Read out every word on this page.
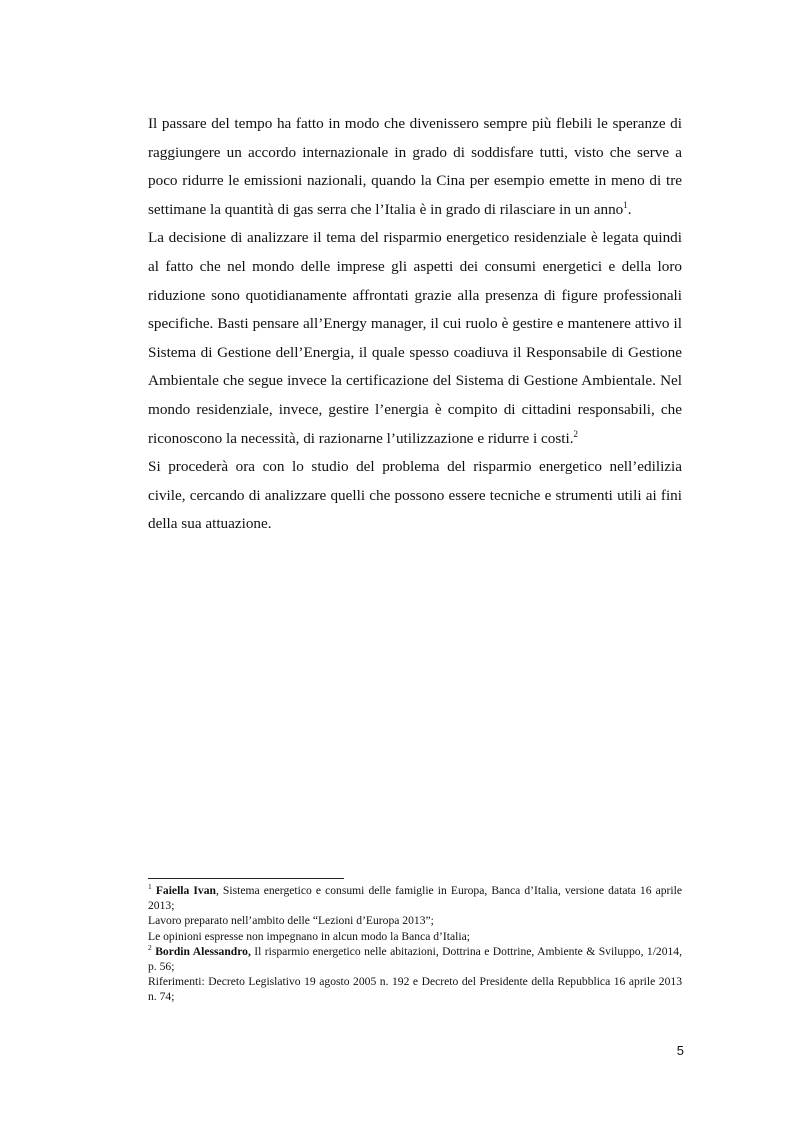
Il passare del tempo ha fatto in modo che divenissero sempre più flebili le speranze di raggiungere un accordo internazionale in grado di soddisfare tutti, visto che serve a poco ridurre le emissioni nazionali, quando la Cina per esempio emette in meno di tre settimane la quantità di gas serra che l’Italia è in grado di rilasciare in un anno$^1$.

La decisione di analizzare il tema del risparmio energetico residenziale è legata quindi al fatto che nel mondo delle imprese gli aspetti dei consumi energetici e della loro riduzione sono quotidianamente affrontati grazie alla presenza di figure professionali specifiche. Basti pensare all’Energy manager, il cui ruolo è gestire e mantenere attivo il Sistema di Gestione dell’Energia, il quale spesso coadiuva il Responsabile di Gestione Ambientale che segue invece la certificazione del Sistema di Gestione Ambientale. Nel mondo residenziale, invece, gestire l’energia è compito di cittadini responsabili, che riconoscono la necessità, di razionarne l’utilizzazione e ridurre i costi.$^2$

Si procederà ora con lo studio del problema del risparmio energetico nell’edilizia civile, cercando di analizzare quelli che possono essere tecniche e strumenti utili ai fini della sua attuazione.

$^1$ Faiella Ivan, Sistema energetico e consumi delle famiglie in Europa, Banca d’Italia, versione datata 16 aprile 2013;

Lavoro preparato nell’ambito delle “Lezioni d’Europa 2013”;

Le opinioni espresse non impegnano in alcun modo la Banca d’Italia;

$^2$ Bordin Alessandro, Il risparmio energetico nelle abitazioni, Dottrina e Dottrine, Ambiente & Sviluppo, 1/2014, p. 56;

Riferimenti: Decreto Legislativo 19 agosto 2005 n. 192 e Decreto del Presidente della Repubblica 16 aprile 2013 n. 74;

5
